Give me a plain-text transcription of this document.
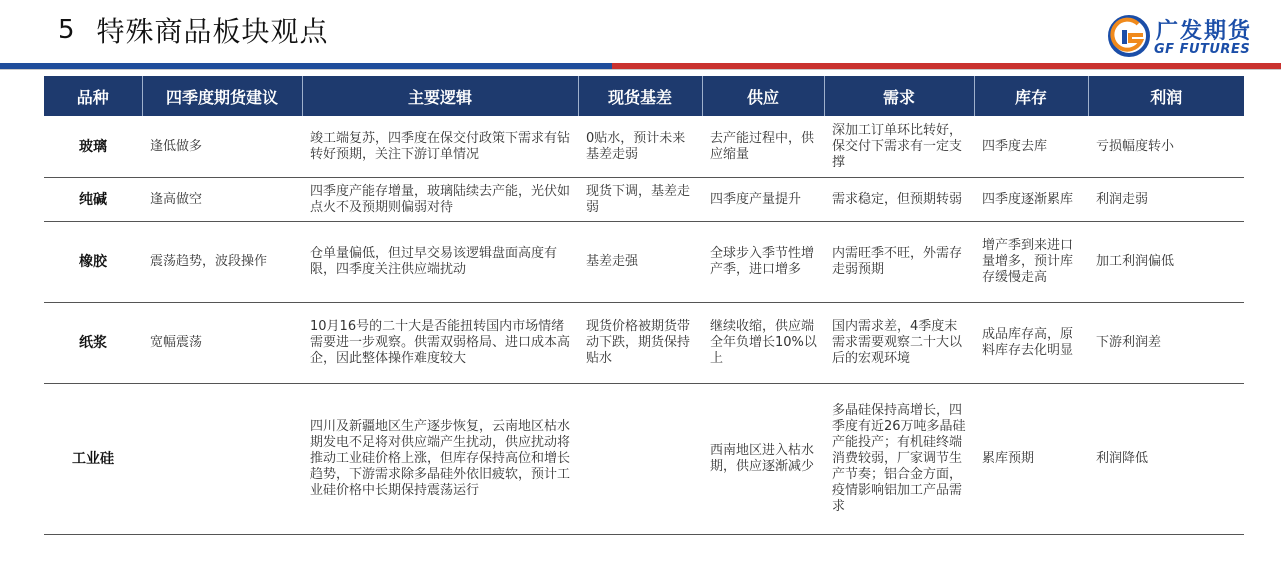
5 特殊商品板块观点	广发期货
GF FUTURES
品种	四季度期货建议	主要逻辑	现货基差	供应	需求	库存	利润
玻璃	逢低做多	竣工端复苏，四季度在保交付政策下需求有钻转好预期，关注下游订单情况	0贴水，预计未来基差走弱	去产能过程中，供应缩量	深加工订单环比转好，保交付下需求有一定支撑	四季度去库	亏损幅度转小
纯碱	逢高做空	四季度产能存增量，玻璃陆续去产能，光伏如点火不及预期则偏弱对待	现货下调，基差走弱	四季度产量提升	需求稳定，但预期转弱	四季度逐渐累库	利润走弱
橡胶	震荡趋势，波段操作	仓单量偏低，但过早交易该逻辑盘面高度有限，四季度关注供应端扰动	基差走强	全球步入季节性增产季，进口增多	内需旺季不旺，外需存走弱预期	增产季到来进口量增多，预计库存缓慢走高	加工利润偏低
纸浆	宽幅震荡	10月16号的二十大是否能扭转国内市场情绪需要进一步观察。供需双弱格局、进口成本高企，因此整体操作难度较大	现货价格被期货带动下跌，期货保持贴水	继续收缩，供应端全年负增长10%以上	国内需求差，4季度末需求需要观察二十大以后的宏观环境	成品库存高，原料库存去化明显	下游利润差
工业硅		四川及新疆地区生产逐步恢复，云南地区枯水期发电不足将对供应端产生扰动，供应扰动将推动工业硅价格上涨，但库存保持高位和增长趋势，下游需求除多晶硅外依旧疲软，预计工业硅价格中长期保持震荡运行		西南地区进入枯水期，供应逐渐减少	多晶硅保持高增长，四季度有近26万吨多晶硅产能投产；有机硅终端消费较弱，厂家调节生产节奏；铝合金方面，疫情影响铝加工产品需求	累库预期	利润降低
